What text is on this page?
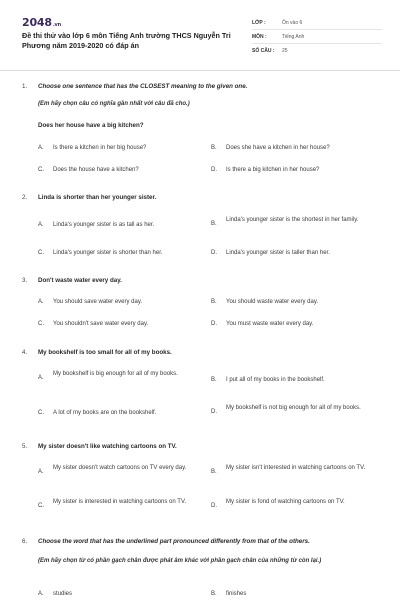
2048.vn
Đề thi thử vào lớp 6 môn Tiếng Anh trường THCS Nguyễn Tri Phương năm 2019-2020 có đáp án
LỚP :	Ôn vào 6
MÔN :	Tiếng Anh
SỐ CÂU :	25
1.	Choose one sentence that has the CLOSEST meaning to the given one.
(Em hãy chọn câu có nghĩa gần nhất với câu đã cho.)
Does her house have a big kitchen?
A.	Is there a kitchen in her big house?	B.	Does she have a kitchen in her house?
C.	Does the house have a kitchen?	D.	Is there a big kitchen in her house?
2.	Linda is shorter than her younger sister.
A.	Linda's younger sister is as tall as her.	B.
Linda's younger sister is the shortest in her family.
C.	Linda's younger sister is shorter than her.	D.	Linda's younger sister is taller than her.
3.	Don't waste water every day.
A.	You should save water every day.	B.	You should waste water every day.
C.	You shouldn't save water every day.	D.	You must waste water every day.
4.	My bookshelf is too small for all of my books.
A.
My bookshelf is big enough for all of my books.
B.	I put all of my books in the bookshelf.
C.	A lot of my books are on the bookshelf.	D.
My bookshelf is not big enough for all of my books.
5.	My sister doesn't like watching cartoons on TV.
A.
My sister doesn't watch cartoons on TV every day.
B.
My sister isn't interested in watching cartoons on TV.
C.
My sister is interested in watching cartoons on TV.
D.
My sister is fond of watching cartoons on TV.
6.	Choose the word that has the underlined part pronounced differently from that of the others.
(Em hãy chọn từ có phần gạch chân được phát âm khác với phần gạch chân của những từ còn lại.)
A.	studies	B.	finishes
